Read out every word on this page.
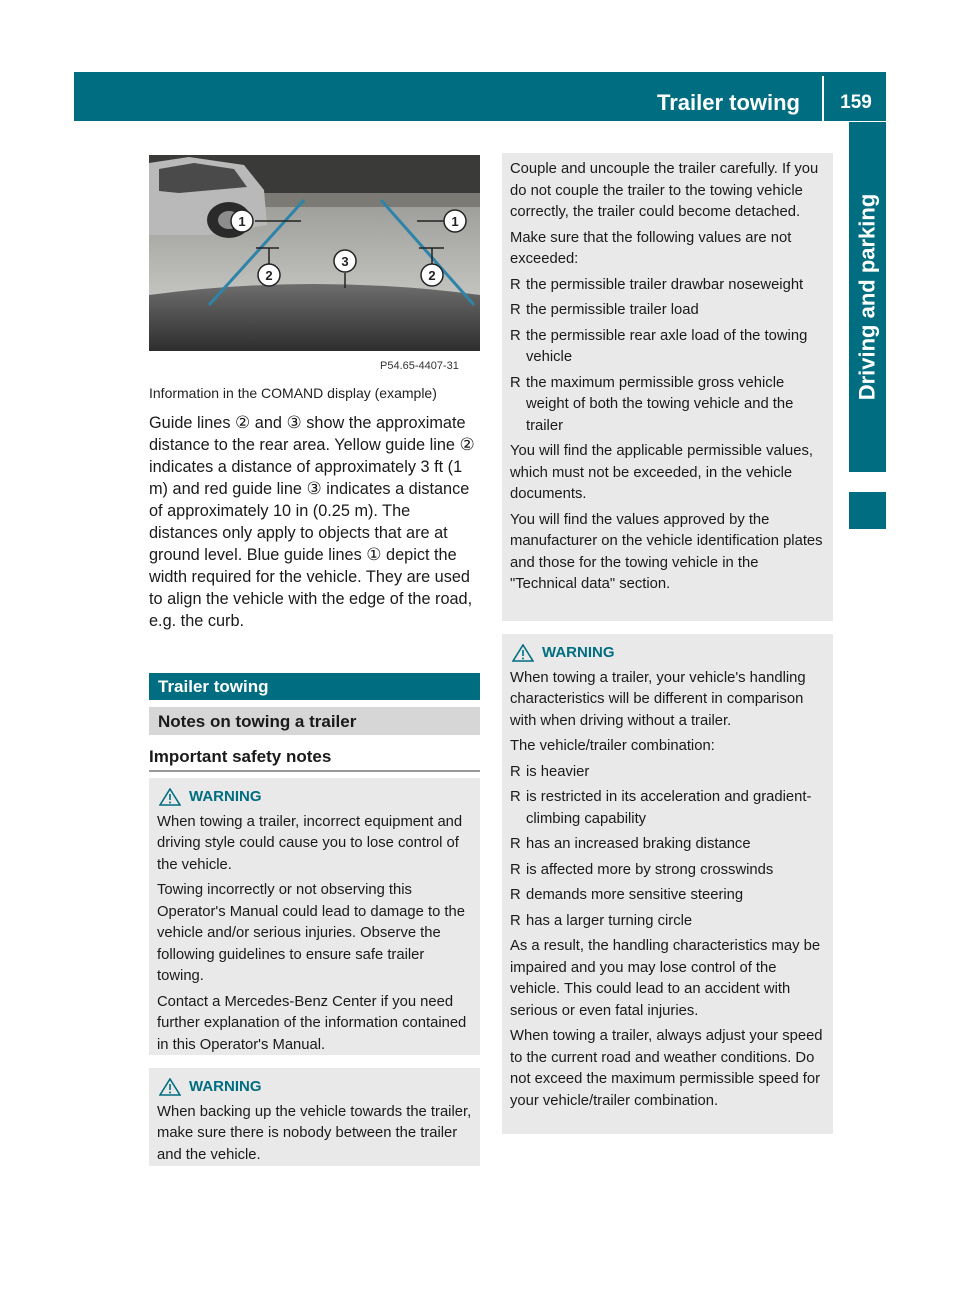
Trailer towing	159
Driving and parking
1	1
2
3
2
P54.65-4407-31
Information in the COMAND display (example)

Guide lines ② and ③ show the approximate distance to the rear area. Yellow guide line ② indicates a distance of approximately 3 ft (1 m) and red guide line ③ indicates a distance of approximately 10 in (0.25 m). The distances only apply to objects that are at ground level. Blue guide lines ① depict the width required for the vehicle. They are used to align the vehicle with the edge of the road, e.g. the curb.

Trailer towing
Notes on towing a trailer
Important safety notes
WARNING

When towing a trailer, incorrect equipment and driving style could cause you to lose control of the vehicle.

Towing incorrectly or not observing this Operator's Manual could lead to damage to the vehicle and/or serious injuries. Observe the following guidelines to ensure safe trailer towing.

Contact a Mercedes-Benz Center if you need further explanation of the information contained in this Operator's Manual.

WARNING

When backing up the vehicle towards the trailer, make sure there is nobody between the trailer and the vehicle.

Couple and uncouple the trailer carefully. If you do not couple the trailer to the towing vehicle correctly, the trailer could become detached.

Make sure that the following values are not exceeded:

R the permissible trailer drawbar noseweight
R the permissible trailer load
R the permissible rear axle load of the towing vehicle
R the maximum permissible gross vehicle weight of both the towing vehicle and the trailer

You will find the applicable permissible values, which must not be exceeded, in the vehicle documents.

You will find the values approved by the manufacturer on the vehicle identification plates and those for the towing vehicle in the "Technical data" section.

WARNING

When towing a trailer, your vehicle's handling characteristics will be different in comparison with when driving without a trailer.

The vehicle/trailer combination:

R is heavier
R is restricted in its acceleration and gradient-climbing capability
R has an increased braking distance
R is affected more by strong crosswinds
R demands more sensitive steering
R has a larger turning circle

As a result, the handling characteristics may be impaired and you may lose control of the vehicle. This could lead to an accident with serious or even fatal injuries.

When towing a trailer, always adjust your speed to the current road and weather conditions. Do not exceed the maximum permissible speed for your vehicle/trailer combination.
